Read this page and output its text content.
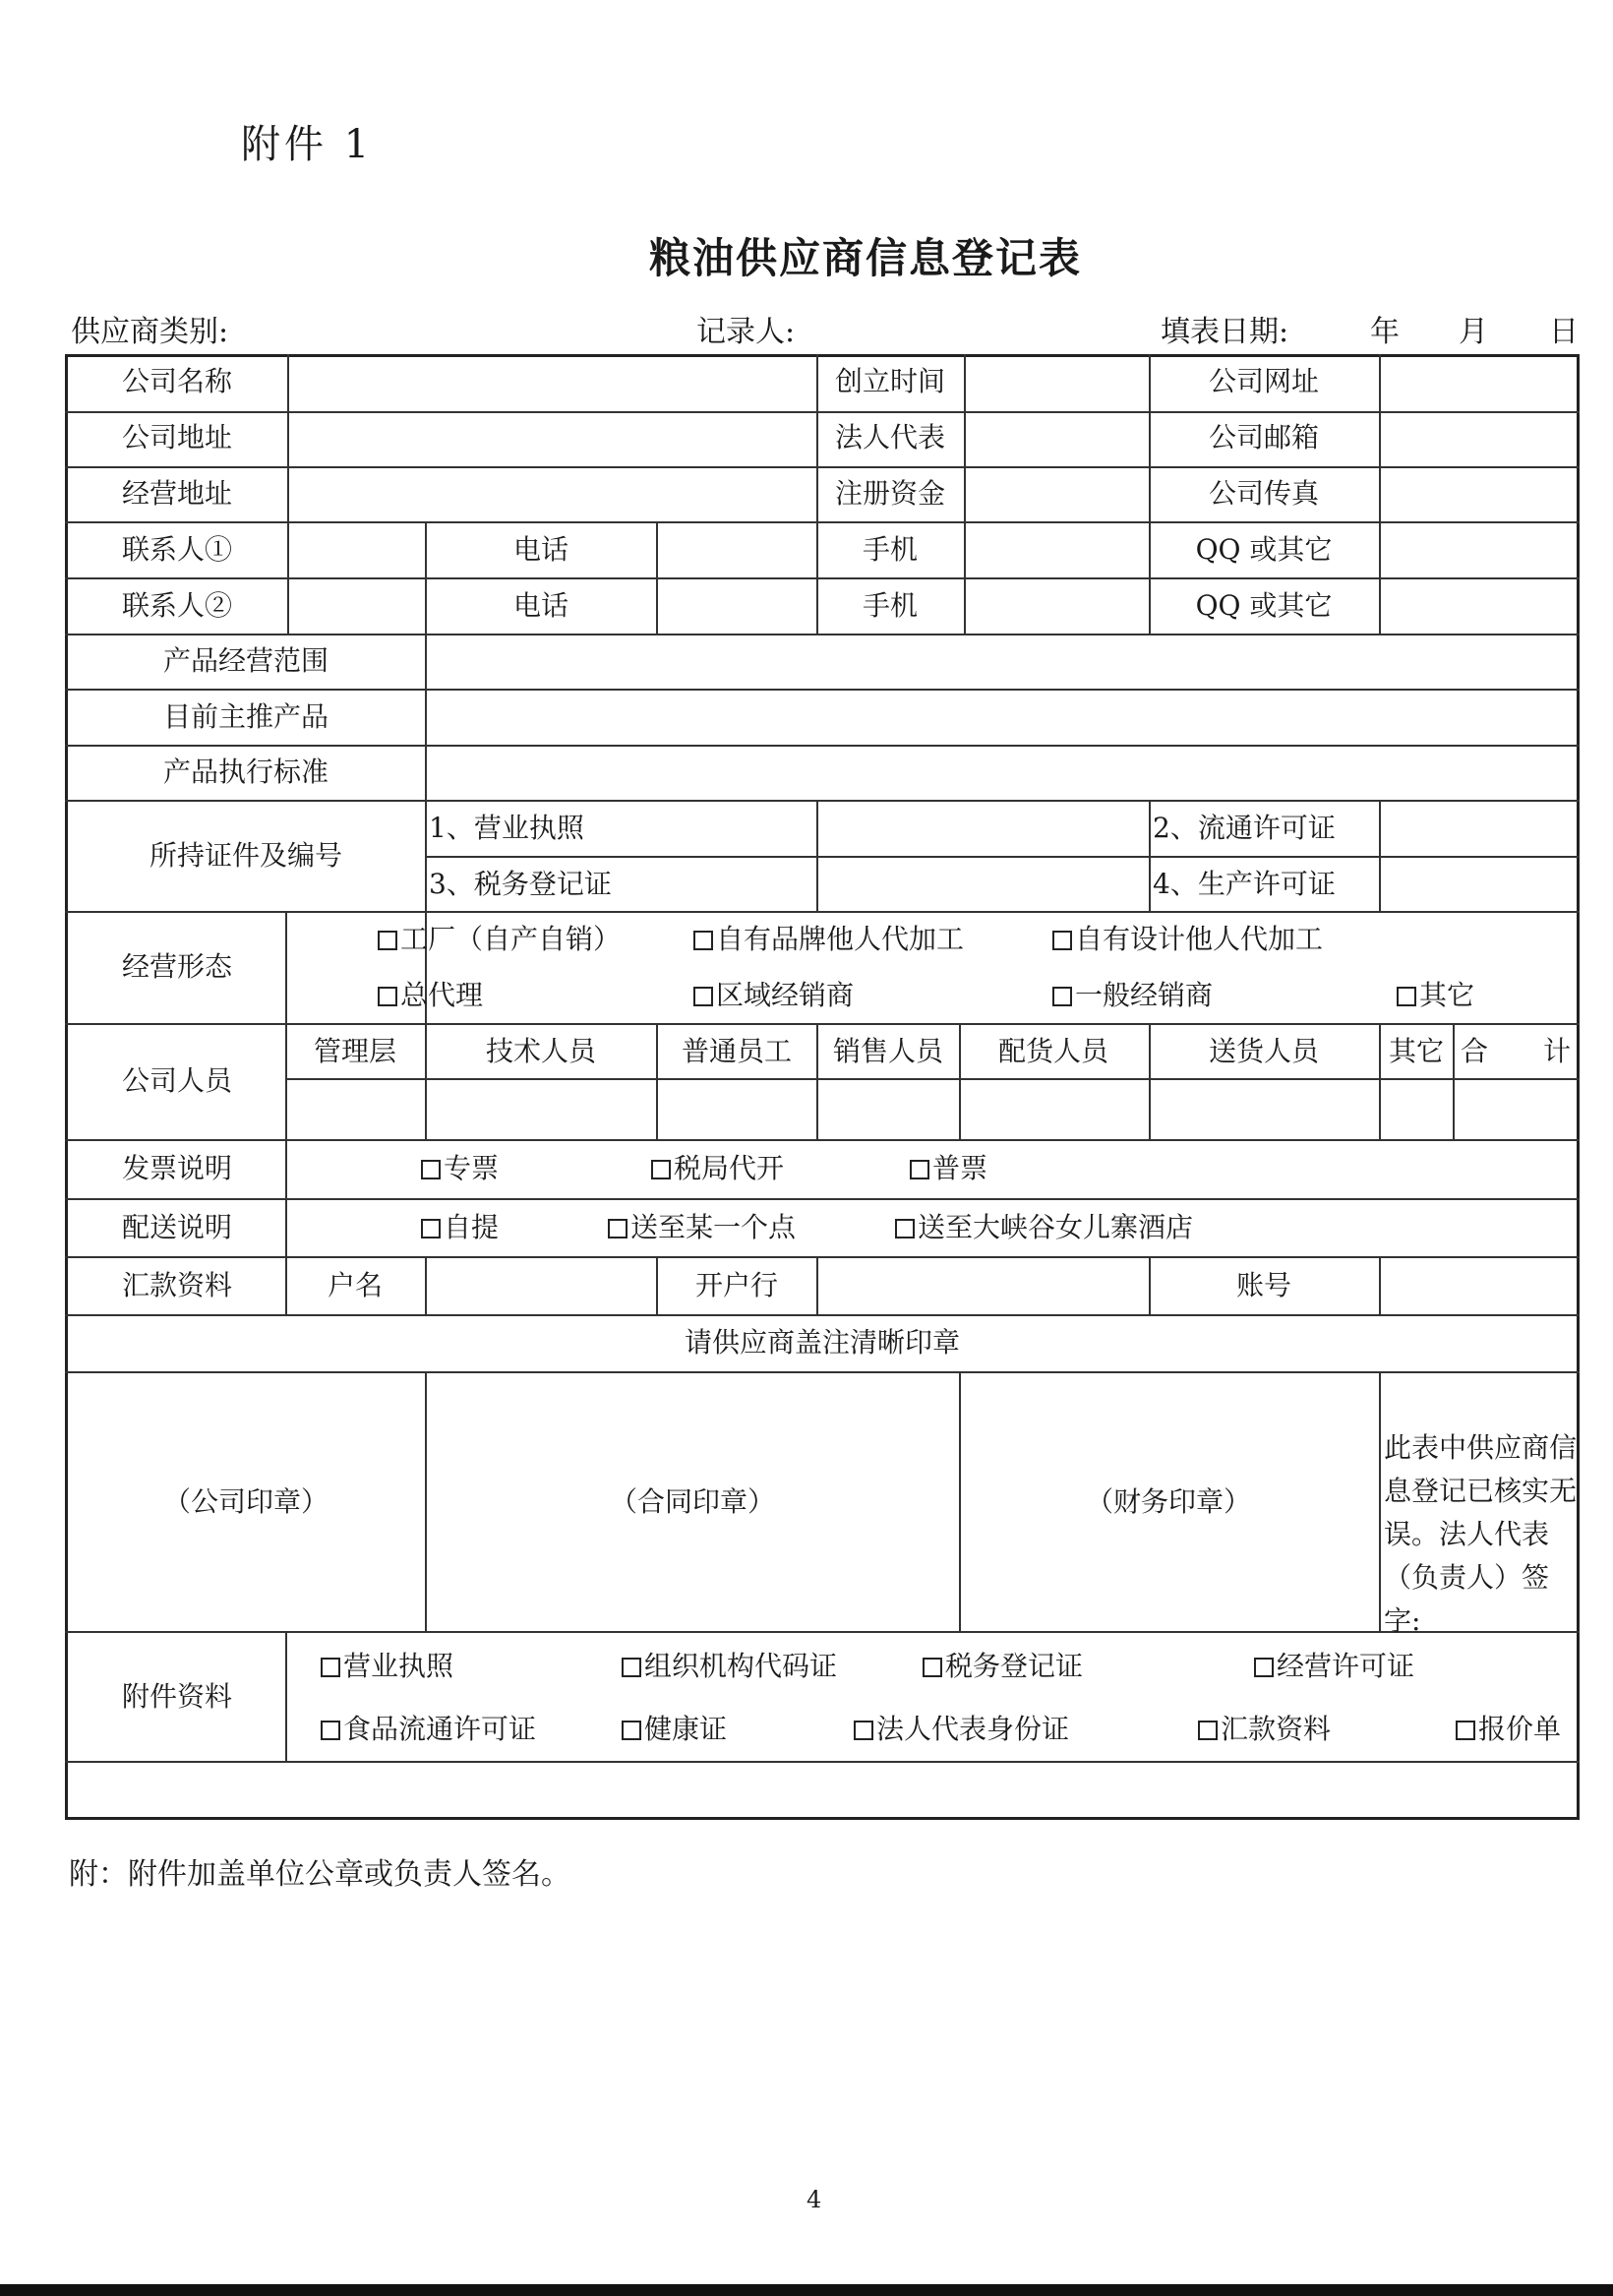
附件 1
粮油供应商信息登记表
供应商类别:	记录人:	填表日期:	年 月 日
公司名称	创立时间	公司网址
公司地址	法人代表	公司邮箱
经营地址	注册资金	公司传真
联系人①	电话	手机	QQ 或其它
联系人②	电话	手机	QQ 或其它
产品经营范围
目前主推产品
产品执行标准
所持证件及编号
1、营业执照	2、流通许可证
3、税务登记证	4、生产许可证
经营形态
工厂（自产自销）	自有品牌他人代加工	自有设计他人代加工
总代理	区域经销商	一般经销商	其它
公司人员
管理层	技术人员	普通员工 销售人员 配货人员	送货人员	其它 合　　计
发票说明	专票	税局代开	普票
配送说明	自提	送至某一个点	送至大峡谷女儿寨酒店
汇款资料	户名	开户行	账号
请供应商盖注清晰印章
（公司印章）	（合同印章）	（财务印章）
此表中供应商信息登记已核实无误。法人代表（负责人）签字:
附件资料
营业执照	组织机构代码证	税务登记证	经营许可证
食品流通许可证	健康证	法人代表身份证	汇款资料	报价单
附：附件加盖单位公章或负责人签名。
4
